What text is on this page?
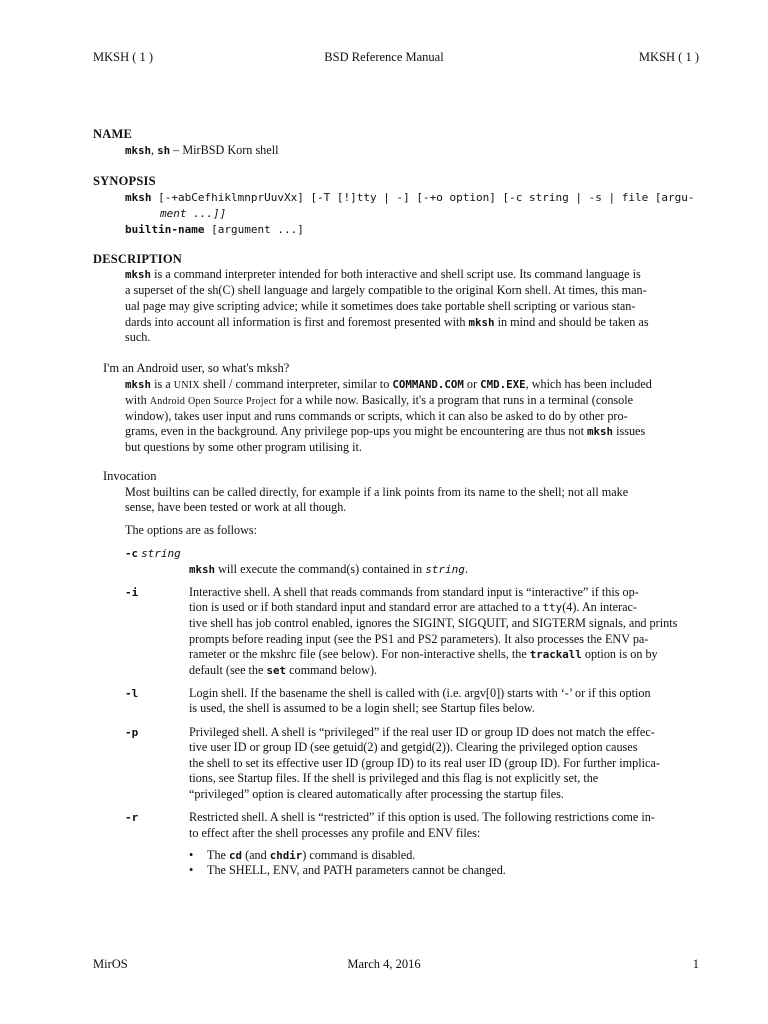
MKSH ( 1 )	BSD Reference Manual	MKSH ( 1 )
NAME
mksh, sh – MirBSD Korn shell
SYNOPSIS
mksh [-+abCefhiklmnprUuvXx] [-T [!]tty | -] [-+o option] [-c string | -s | file [argu-
ment ...]]
builtin-name [argument ...]
DESCRIPTION
mksh is a command interpreter intended for both interactive and shell script use. Its command language is
a superset of the sh(C) shell language and largely compatible to the original Korn shell. At times, this man-
ual page may give scripting advice; while it sometimes does take portable shell scripting or various stan-
dards into account all information is first and foremost presented with mksh in mind and should be taken as
such.
I'm an Android user, so what's mksh?
mksh is a UNIX shell / command interpreter, similar to COMMAND.COM or CMD.EXE, which has been included
with Android Open Source Project for a while now. Basically, it's a program that runs in a terminal (console
window), takes user input and runs commands or scripts, which it can also be asked to do by other pro-
grams, even in the background. Any privilege pop-ups you might be encountering are thus not mksh issues
but questions by some other program utilising it.
Invocation
Most builtins can be called directly, for example if a link points from its name to the shell; not all make
sense, have been tested or work at all though.
The options are as follows:
-c string
mksh will execute the command(s) contained in string.
-i	Interactive shell. A shell that reads commands from standard input is “interactive” if this op-
tion is used or if both standard input and standard error are attached to a tty(4). An interac-
tive shell has job control enabled, ignores the SIGINT, SIGQUIT, and SIGTERM signals, and prints
prompts before reading input (see the PS1 and PS2 parameters). It also processes the ENV pa-
rameter or the mkshrc file (see below). For non-interactive shells, the trackall option is on by
default (see the set command below).
-l	Login shell. If the basename the shell is called with (i.e. argv[0]) starts with ‘-’ or if this option
is used, the shell is assumed to be a login shell; see Startup files below.
-p	Privileged shell. A shell is “privileged” if the real user ID or group ID does not match the effec-
tive user ID or group ID (see getuid(2) and getgid(2)). Clearing the privileged option causes
the shell to set its effective user ID (group ID) to its real user ID (group ID). For further implica-
tions, see Startup files. If the shell is privileged and this flag is not explicitly set, the
“privileged” option is cleared automatically after processing the startup files.
-r	Restricted shell. A shell is “restricted” if this option is used. The following restrictions come in-
to effect after the shell processes any profile and ENV files:
• The cd (and chdir) command is disabled.
• The SHELL, ENV, and PATH parameters cannot be changed.
MirOS	March 4, 2016	1
